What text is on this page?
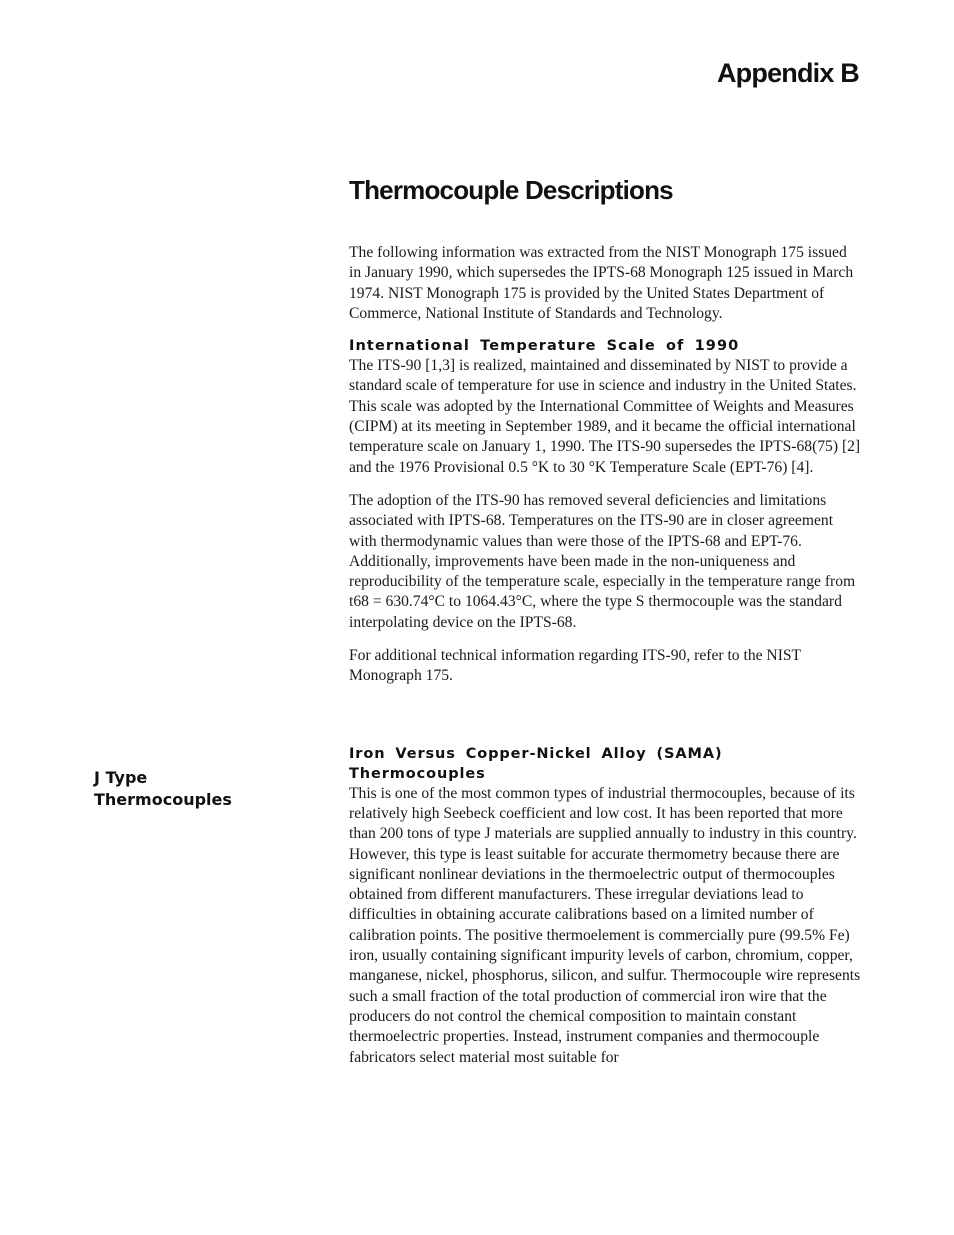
Appendix B
Thermocouple Descriptions
J Type
Thermocouples

The following information was extracted from the NIST Monograph 175 issued in January 1990, which supersedes the IPTS-68 Monograph 125 issued in March 1974. NIST Monograph 175 is provided by the United States Department of Commerce, National Institute of Standards and Technology.

International Temperature Scale of 1990

The ITS-90 [1,3] is realized, maintained and disseminated by NIST to provide a standard scale of temperature for use in science and industry in the United States. This scale was adopted by the International Committee of Weights and Measures (CIPM) at its meeting in September 1989, and it became the official international temperature scale on January 1, 1990. The ITS-90 supersedes the IPTS-68(75) [2] and the 1976 Provisional 0.5 °K to 30 °K Temperature Scale (EPT-76) [4].

The adoption of the ITS-90 has removed several deficiencies and limitations associated with IPTS-68. Temperatures on the ITS-90 are in closer agreement with thermodynamic values than were those of the IPTS-68 and EPT-76. Additionally, improvements have been made in the non-uniqueness and reproducibility of the temperature scale, especially in the temperature range from t68 = 630.74°C to 1064.43°C, where the type S thermocouple was the standard interpolating device on the IPTS-68.

For additional technical information regarding ITS-90, refer to the NIST Monograph 175.

Iron Versus Copper-Nickel Alloy (SAMA) Thermocouples

This is one of the most common types of industrial thermocouples, because of its relatively high Seebeck coefficient and low cost. It has been reported that more than 200 tons of type J materials are supplied annually to industry in this country. However, this type is least suitable for accurate thermometry because there are significant nonlinear deviations in the thermoelectric output of thermocouples obtained from different manufacturers. These irregular deviations lead to difficulties in obtaining accurate calibrations based on a limited number of calibration points. The positive thermoelement is commercially pure (99.5% Fe) iron, usually containing significant impurity levels of carbon, chromium, copper, manganese, nickel, phosphorus, silicon, and sulfur. Thermocouple wire represents such a small fraction of the total production of commercial iron wire that the producers do not control the chemical composition to maintain constant thermoelectric properties. Instead, instrument companies and thermocouple fabricators select material most suitable for
